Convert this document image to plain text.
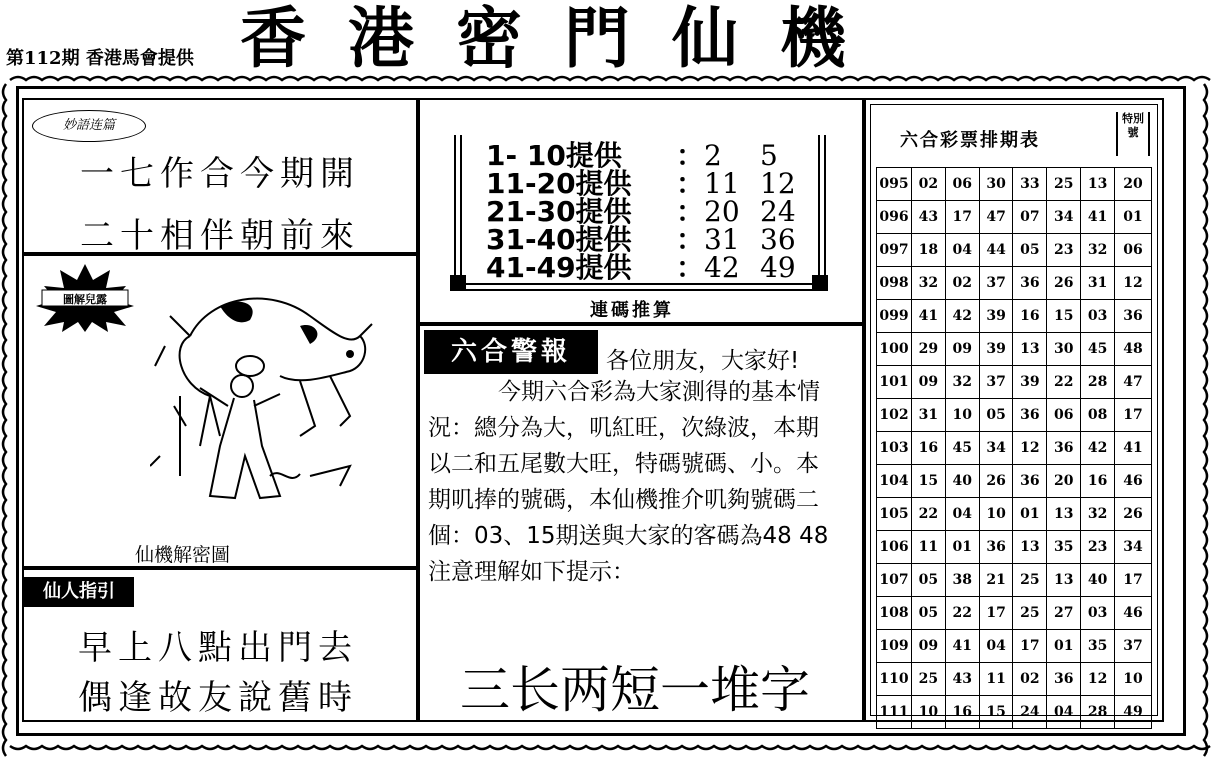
第112期 香港馬會提供 香港密門仙機
妙語连篇
一七作合今期開
二十相伴朝前來
圖解兒露
仙機解密圖
仙人指引
早上八點出門去
偶逢故友說舊時
1- 10提供 ：2 5
11-20提供 ：11 12
21-30提供 ：20 24
31-40提供 ：31 36
41-49提供 ：42 49
連碼推算
六合警報	各位朋友，大家好!
今期六合彩為大家測得的基本情況：總分為大，叽紅旺，次綠波，本期以二和五尾數大旺，特碼號碼、小。本期叽捧的號碼，本仙機推介叽夠號碼二個：03、15期送與大家的客碼為48 48注意理解如下提示：
三长两短一堆字
六合彩票排期表
特別號
095	02	06	30	33	25	13	20
096	43	17	47	07	34	41	01
097	18	04	44	05	23	32	06
098	32	02	37	36	26	31	12
099	41	42	39	16	15	03	36
100	29	09	39	13	30	45	48
101	09	32	37	39	22	28	47
102	31	10	05	36	06	08	17
103	16	45	34	12	36	42	41
104	15	40	26	36	20	16	46
105	22	04	10	01	13	32	26
106	11	01	36	13	35	23	34
107	05	38	21	25	13	40	17
108	05	22	17	25	27	03	46
109	09	41	04	17	01	35	37
110	25	43	11	02	36	12	10
111	10	16	15	24	04	28	49
